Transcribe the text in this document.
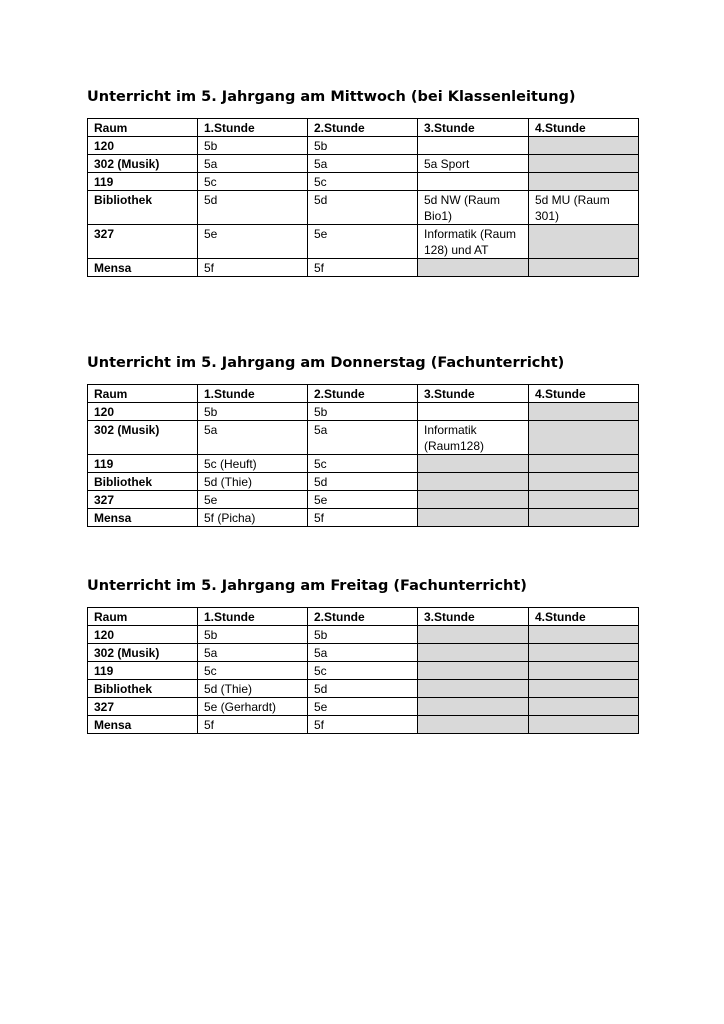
Unterricht im 5. Jahrgang am Mittwoch (bei Klassenleitung)
Raum	1.Stunde	2.Stunde	3.Stunde	4.Stunde
120	5b	5b		
302 (Musik)	5a	5a	5a Sport	
119	5c	5c		
Bibliothek	5d	5d	5d NW (Raum Bio1)	5d MU (Raum 301)
327	5e	5e	Informatik (Raum 128) und AT	
Mensa	5f	5f		
Unterricht im 5. Jahrgang am Donnerstag (Fachunterricht)
Raum	1.Stunde	2.Stunde	3.Stunde	4.Stunde
120	5b	5b		
302 (Musik)	5a	5a	Informatik (Raum128)	
119	5c (Heuft)	5c		
Bibliothek	5d (Thie)	5d		
327	5e	5e		
Mensa	5f (Picha)	5f		
Unterricht im 5. Jahrgang am Freitag (Fachunterricht)
Raum	1.Stunde	2.Stunde	3.Stunde	4.Stunde
120	5b	5b		
302 (Musik)	5a	5a		
119	5c	5c		
Bibliothek	5d (Thie)	5d		
327	5e (Gerhardt)	5e		
Mensa	5f	5f		
